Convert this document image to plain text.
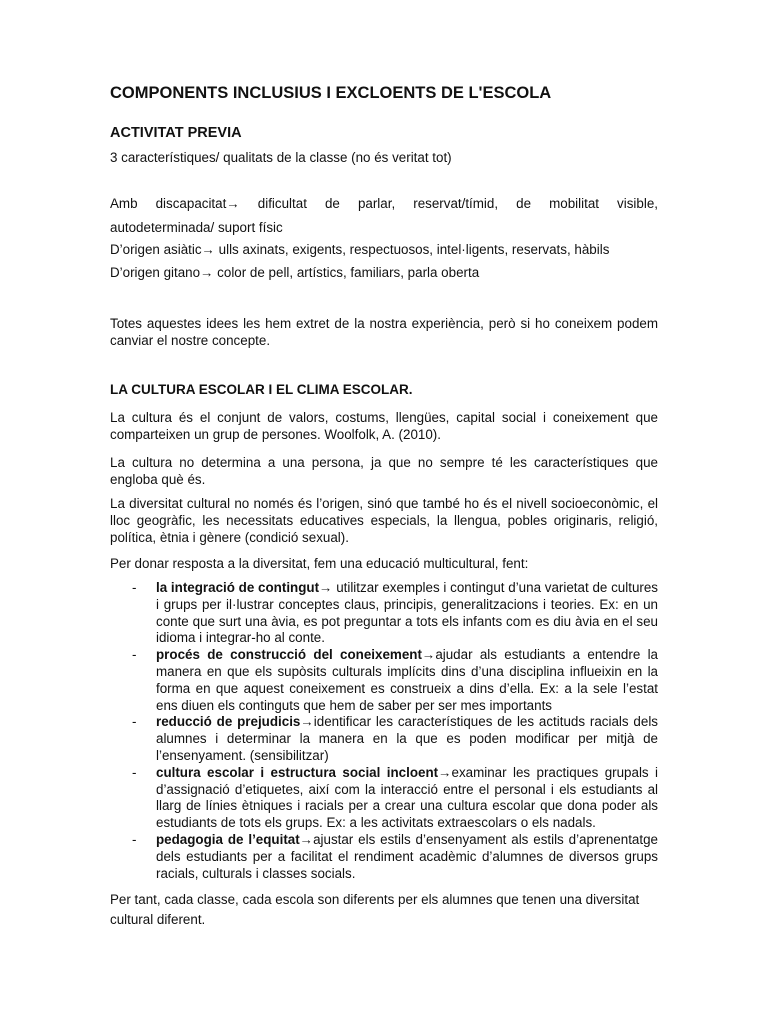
COMPONENTS INCLUSIUS I EXCLOENTS DE L'ESCOLA
ACTIVITAT PREVIA

3 característiques/ qualitats de la classe (no és veritat tot)

Amb discapacitat→ dificultat de parlar, reservat/tímid, de mobilitat visible,
autodeterminada/ suport físic

D’origen asiàtic→ ulls axinats, exigents, respectuosos, intel·ligents, reservats, hàbils

D’origen gitano→ color de pell, artístics, familiars, parla oberta

Totes aquestes idees les hem extret de la nostra experiència, però si ho coneixem podem canviar el nostre concepte.

LA CULTURA ESCOLAR I EL CLIMA ESCOLAR.

La cultura és el conjunt de valors, costums, llengües, capital social i coneixement que comparteixen un grup de persones. Woolfolk, A. (2010).

La cultura no determina a una persona, ja que no sempre té les característiques que engloba què és.

La diversitat cultural no només és l’origen, sinó que també ho és el nivell socioeconòmic, el lloc geogràfic, les necessitats educatives especials, la llengua, pobles originaris, religió, política, ètnia i gènere (condició sexual).

Per donar resposta a la diversitat, fem una educació multicultural, fent:

- la integració de contingut→ utilitzar exemples i contingut d’una varietat de cultures i grups per il·lustrar conceptes claus, principis, generalitzacions i teories. Ex: en un conte que surt una àvia, es pot preguntar a tots els infants com es diu àvia en el seu idioma i integrar-ho al conte.
- procés de construcció del coneixement→ajudar als estudiants a entendre la manera en que els supòsits culturals implícits dins d’una disciplina influeixin en la forma en que aquest coneixement es construeix a dins d’ella. Ex: a la sele l’estat ens diuen els continguts que hem de saber per ser mes importants
- reducció de prejudicis→identificar les característiques de les actituds racials dels alumnes i determinar la manera en la que es poden modificar per mitjà de l’ensenyament. (sensibilitzar)
- cultura escolar i estructura social incloent→examinar les practiques grupals i d’assignació d’etiquetes, així com la interacció entre el personal i els estudiants al llarg de línies ètniques i racials per a crear una cultura escolar que dona poder als estudiants de tots els grups. Ex: a les activitats extraescolars o els nadals.
- pedagogia de l’equitat→ajustar els estils d’ensenyament als estils d’aprenentatge dels estudiants per a facilitat el rendiment acadèmic d’alumnes de diversos grups racials, culturals i classes socials.

Per tant, cada classe, cada escola son diferents per els alumnes que tenen una diversitat cultural diferent.
